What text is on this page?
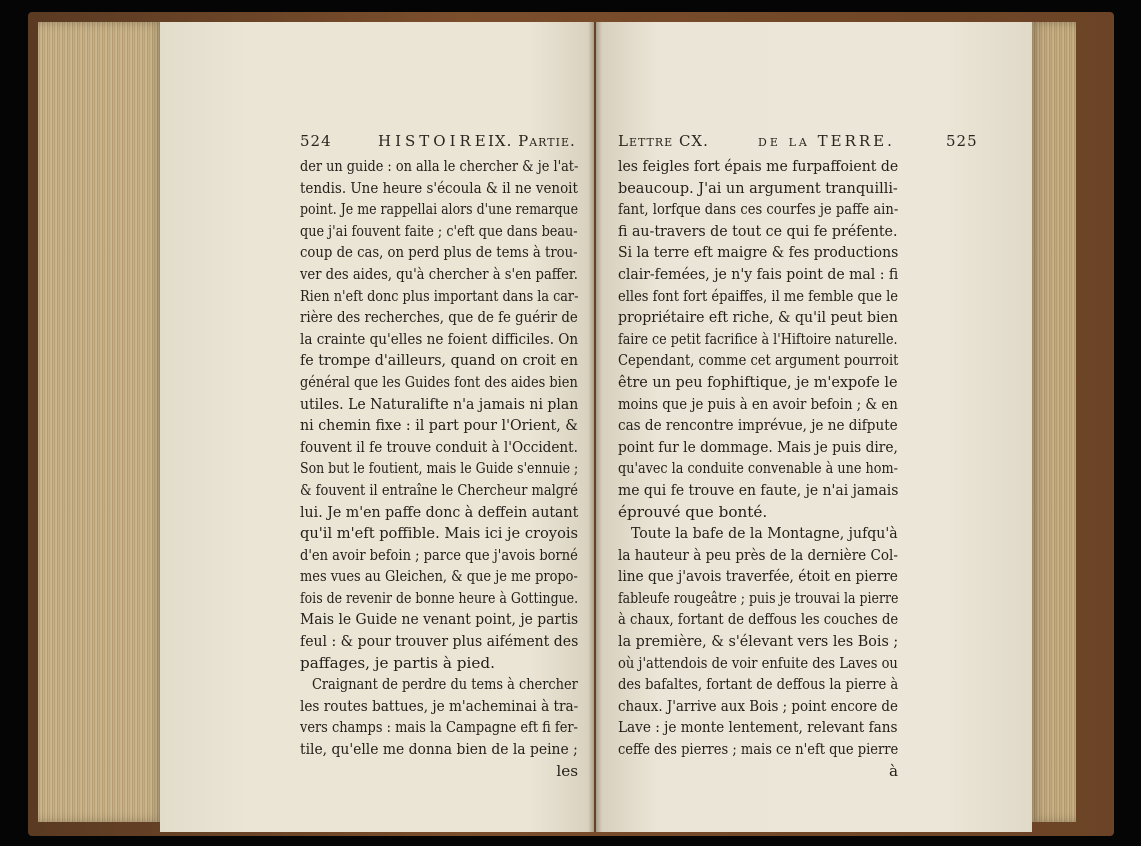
524	HISTOIRE
IX. Partie.
der un guide : on alla le chercher & je l'at-
tendis. Une heure s'écoula & il ne venoit
point. Je me rappellai alors d'une remarque
que j'ai fouvent faite ; c'eft que dans beau-
coup de cas, on perd plus de tems à trou-
ver des aides, qu'à chercher à s'en paffer.
Rien n'eft donc plus important dans la car-
rière des recherches, que de fe guérir de
la crainte qu'elles ne foient difficiles. On
fe trompe d'ailleurs, quand on croit en
général que les Guides font des aides bien
utiles. Le Naturalifte n'a jamais ni plan
ni chemin fixe : il part pour l'Orient, &
fouvent il fe trouve conduit à l'Occident.
Son but le foutient, mais le Guide s'ennuie ;
& fouvent il entraîne le Chercheur malgré
lui. Je m'en paffe donc à deffein autant
qu'il m'eft poffible. Mais ici je croyois
d'en avoir befoin ; parce que j'avois borné
mes vues au Gleichen, & que je me propo-
fois de revenir de bonne heure à Gottingue.
Mais le Guide ne venant point, je partis
feul : & pour trouver plus aifément des
paffages, je partis à pied.
Craignant de perdre du tems à chercher
les routes battues, je m'acheminai à tra-
vers champs : mais la Campagne eft fi fer-
tile, qu'elle me donna bien de la peine ;
les
Lettre CX.	de la TERRE.	525
les feigles fort épais me furpaffoient de
beaucoup. J'ai un argument tranquilli-
fant, lorfque dans ces courfes je paffe ain-
fi au-travers de tout ce qui fe préfente.
Si la terre eft maigre & fes productions
clair-femées, je n'y fais point de mal : fi
elles font fort épaiffes, il me femble que le
propriétaire eft riche, & qu'il peut bien
faire ce petit facrifice à l'Hiftoire naturelle.
Cependant, comme cet argument pourroit
être un peu fophiftique, je m'expofe le
moins que je puis à en avoir befoin ; & en
cas de rencontre imprévue, je ne difpute
point fur le dommage. Mais je puis dire,
qu'avec la conduite convenable à une hom-
me qui fe trouve en faute, je n'ai jamais
éprouvé que bonté.
Toute la bafe de la Montagne, jufqu'à
la hauteur à peu près de la dernière Col-
line que j'avois traverfée, étoit en pierre
fableufe rougeâtre ; puis je trouvai la pierre
à chaux, fortant de deffous les couches de
la première, & s'élevant vers les Bois ;
où j'attendois de voir enfuite des Laves ou
des bafaltes, fortant de deffous la pierre à
chaux. J'arrive aux Bois ; point encore de
Lave : je monte lentement, relevant fans
ceffe des pierres ; mais ce n'eft que pierre
à
